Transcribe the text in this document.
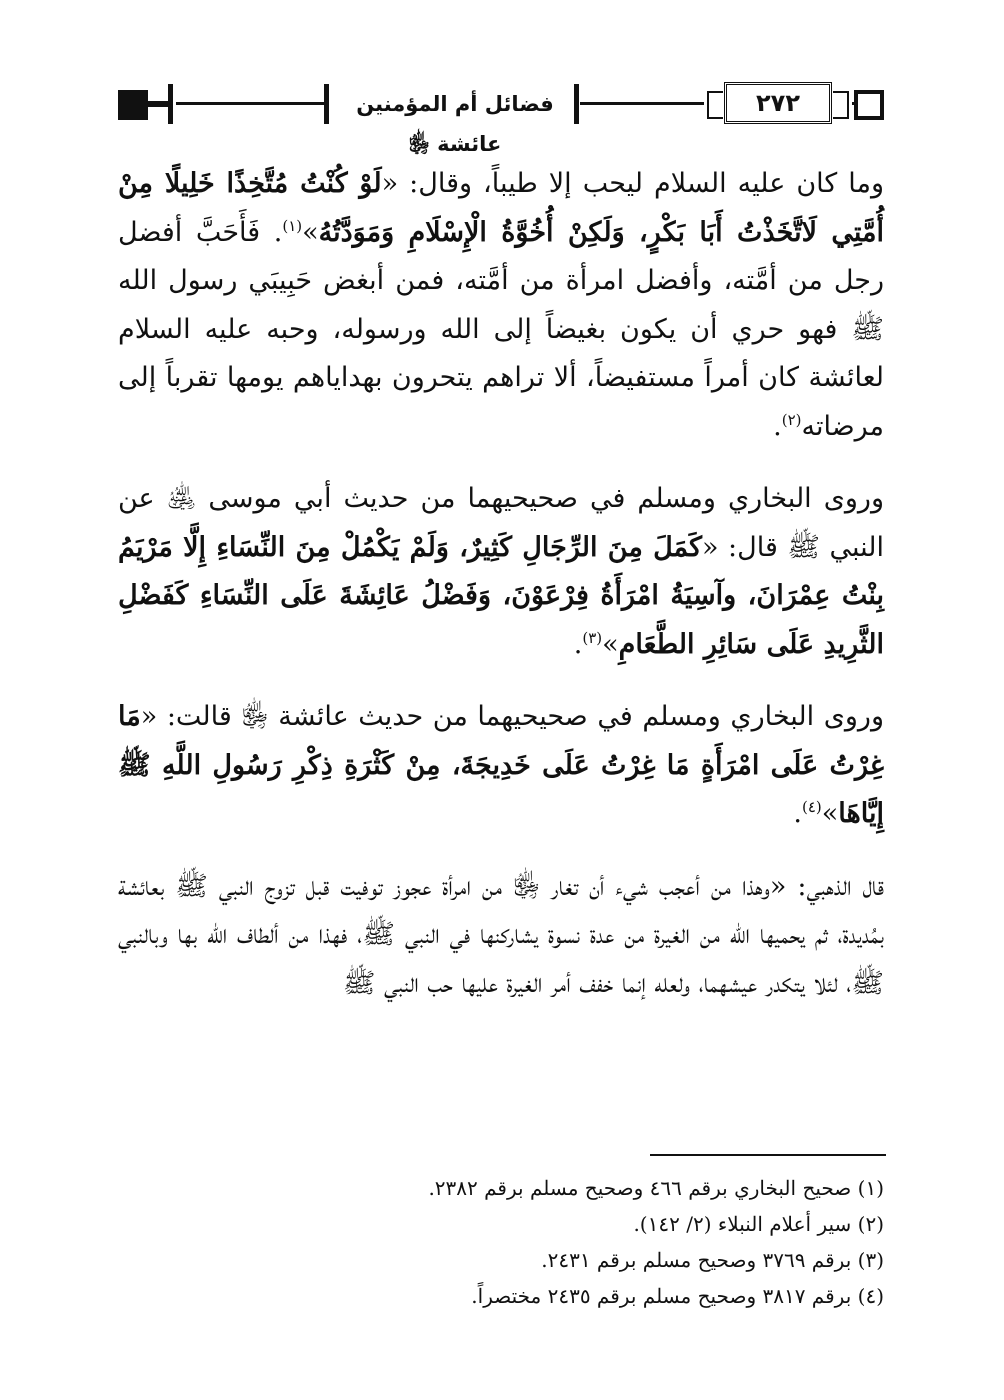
فضائل أم المؤمنين عائشة ﵂
٢٧٢

وما كان عليه السلام ليحب إلا طيباً، وقال: «لَوْ كُنْتُ مُتَّخِذًا خَلِيلًا مِنْ أُمَّتِي لَاتَّخَذْتُ أَبَا بَكْرٍ، وَلَكِنْ أُخُوَّةُ الْإِسْلَامِ وَمَوَدَّتُهُ»$^{(١)}$. فَأَحَبَّ أفضل رجل من أمَّته، وأفضل امرأة من أمَّته، فمن أبغض حَبِيبَي رسول الله ﷺ فهو حري أن يكون بغيضاً إلى الله ورسوله، وحبه عليه السلام لعائشة كان أمراً مستفيضاً، ألا تراهم يتحرون بهداياهم يومها تقرباً إلى مرضاته$^{(٢)}$.

وروى البخاري ومسلم في صحيحيهما من حديث أبي موسى ﵁ عن النبي ﷺ قال: «كَمَلَ مِنَ الرِّجَالِ كَثِيرٌ، وَلَمْ يَكْمُلْ مِنَ النِّسَاءِ إِلَّا مَرْيَمُ بِنْتُ عِمْرَانَ، وآسِيَةُ امْرَأَةُ فِرْعَوْنَ، وَفَضْلُ عَائِشَةَ عَلَى النِّسَاءِ كَفَضْلِ الثَّرِيدِ عَلَى سَائِرِ الطَّعَامِ»$^{(٣)}$.

وروى البخاري ومسلم في صحيحيهما من حديث عائشة ﵂ قالت: «مَا غِرْتُ عَلَى امْرَأَةٍ مَا غِرْتُ عَلَى خَدِيجَةَ، مِنْ كَثْرَةِ ذِكْرِ رَسُولِ اللَّهِ ﷺ إِيَّاهَا»$^{(٤)}$.

قال الذهبي: «وهذا من أعجب شيء أن تغار ﵂ من امرأة عجوز توفيت قبل تزوج النبي ﷺ بعائشة بمُديدة، ثم يحميها الله من الغيرة من عدة نسوة يشاركنها في النبي ﷺ، فهذا من ألطاف الله بها وبالنبي ﷺ، لئلا يتكدر عيشهما، ولعله إنما خفف أمر الغيرة عليها حب النبي ﷺ

(١) صحيح البخاري برقم ٤٦٦ وصحيح مسلم برقم ٢٣٨٢.
(٢) سير أعلام النبلاء (٢/ ١٤٢).
(٣) برقم ٣٧٦٩ وصحيح مسلم برقم ٢٤٣١.
(٤) برقم ٣٨١٧ وصحيح مسلم برقم ٢٤٣٥ مختصراً.
